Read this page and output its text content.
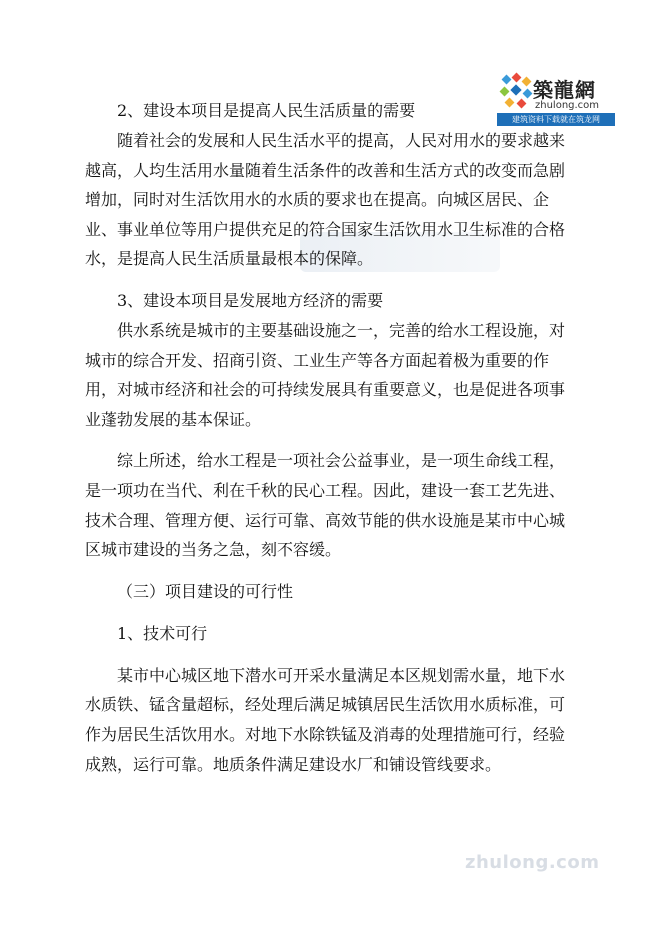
築龍網
zhulong.com
建筑资料下载就在筑龙网

2、建设本项目是提高人民生活质量的需要

随着社会的发展和人民生活水平的提高，人民对用水的要求越来越高，人均生活用水量随着生活条件的改善和生活方式的改变而急剧增加，同时对生活饮用水的水质的要求也在提高。向城区居民、企业、事业单位等用户提供充足的符合国家生活饮用水卫生标准的合格水，是提高人民生活质量最根本的保障。

3、建设本项目是发展地方经济的需要

供水系统是城市的主要基础设施之一，完善的给水工程设施，对城市的综合开发、招商引资、工业生产等各方面起着极为重要的作用，对城市经济和社会的可持续发展具有重要意义，也是促进各项事业蓬勃发展的基本保证。

综上所述，给水工程是一项社会公益事业，是一项生命线工程，是一项功在当代、利在千秋的民心工程。因此，建设一套工艺先进、技术合理、管理方便、运行可靠、高效节能的供水设施是某市中心城区城市建设的当务之急，刻不容缓。

（三）项目建设的可行性

1、技术可行

某市中心城区地下潜水可开采水量满足本区规划需水量，地下水水质铁、锰含量超标，经处理后满足城镇居民生活饮用水质标准，可作为居民生活饮用水。对地下水除铁锰及消毒的处理措施可行，经验成熟，运行可靠。地质条件满足建设水厂和铺设管线要求。

zhulong.com
